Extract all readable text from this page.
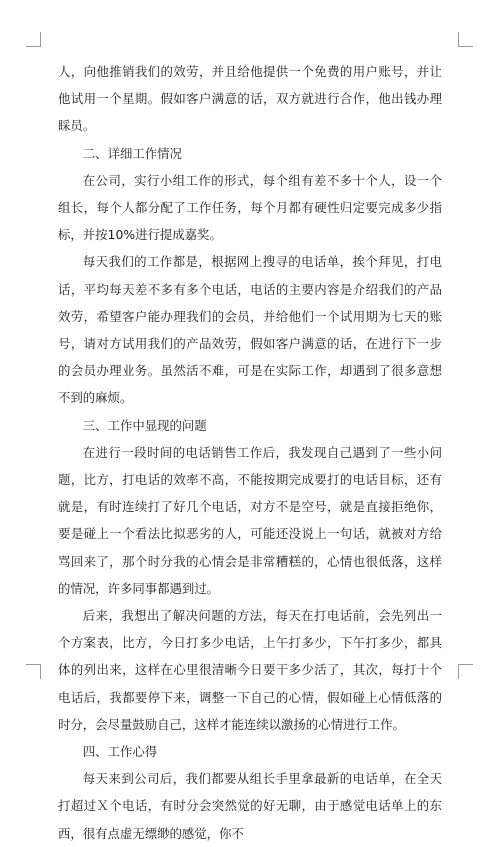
人，向他推销我们的效劳，并且给他提供一个免费的用户账号，并让他试用一个星期。假如客户满意的话，双方就进行合作，他出钱办理睬员。

二、详细工作情况

在公司，实行小组工作的形式，每个组有差不多十个人，设一个组长，每个人都分配了工作任务，每个月都有硬性归定要完成多少指标，并按10%进行提成嘉奖。

每天我们的工作都是，根据网上搜寻的电话单，挨个拜见，打电话，平均每天差不多有多个电话，电话的主要内容是介绍我们的产品效劳，希望客户能办理我们的会员，并给他们一个试用期为七天的账号，请对方试用我们的产品效劳，假如客户满意的话，在进行下一步的会员办理业务。虽然活不难，可是在实际工作，却遇到了很多意想不到的麻烦。

三、工作中显现的问题

在进行一段时间的电话销售工作后，我发现自己遇到了一些小问题，比方，打电话的效率不高，不能按期完成要打的电话目标，还有就是，有时连续打了好几个电话，对方不是空号，就是直接拒绝你，要是碰上一个看法比拟恶劣的人，可能还没说上一句话，就被对方给骂回来了，那个时分我的心情会是非常糟糕的，心情也很低落，这样的情况，许多同事都遇到过。

后来，我想出了解决问题的方法，每天在打电话前，会先列出一个方案表，比方，今日打多少电话，上午打多少，下午打多少，都具体的列出来，这样在心里很清晰今日要干多少活了，其次，每打十个电话后，我都要停下来，调整一下自己的心情，假如碰上心情低落的时分，会尽量鼓励自己，这样才能连续以激扬的心情进行工作。

四、工作心得

每天来到公司后，我们都要从组长手里拿最新的电话单，在全天打超过Ｘ个电话，有时分会突然觉的好无聊，由于感觉电话单上的东西，很有点虚无缥缈的感觉，你不
